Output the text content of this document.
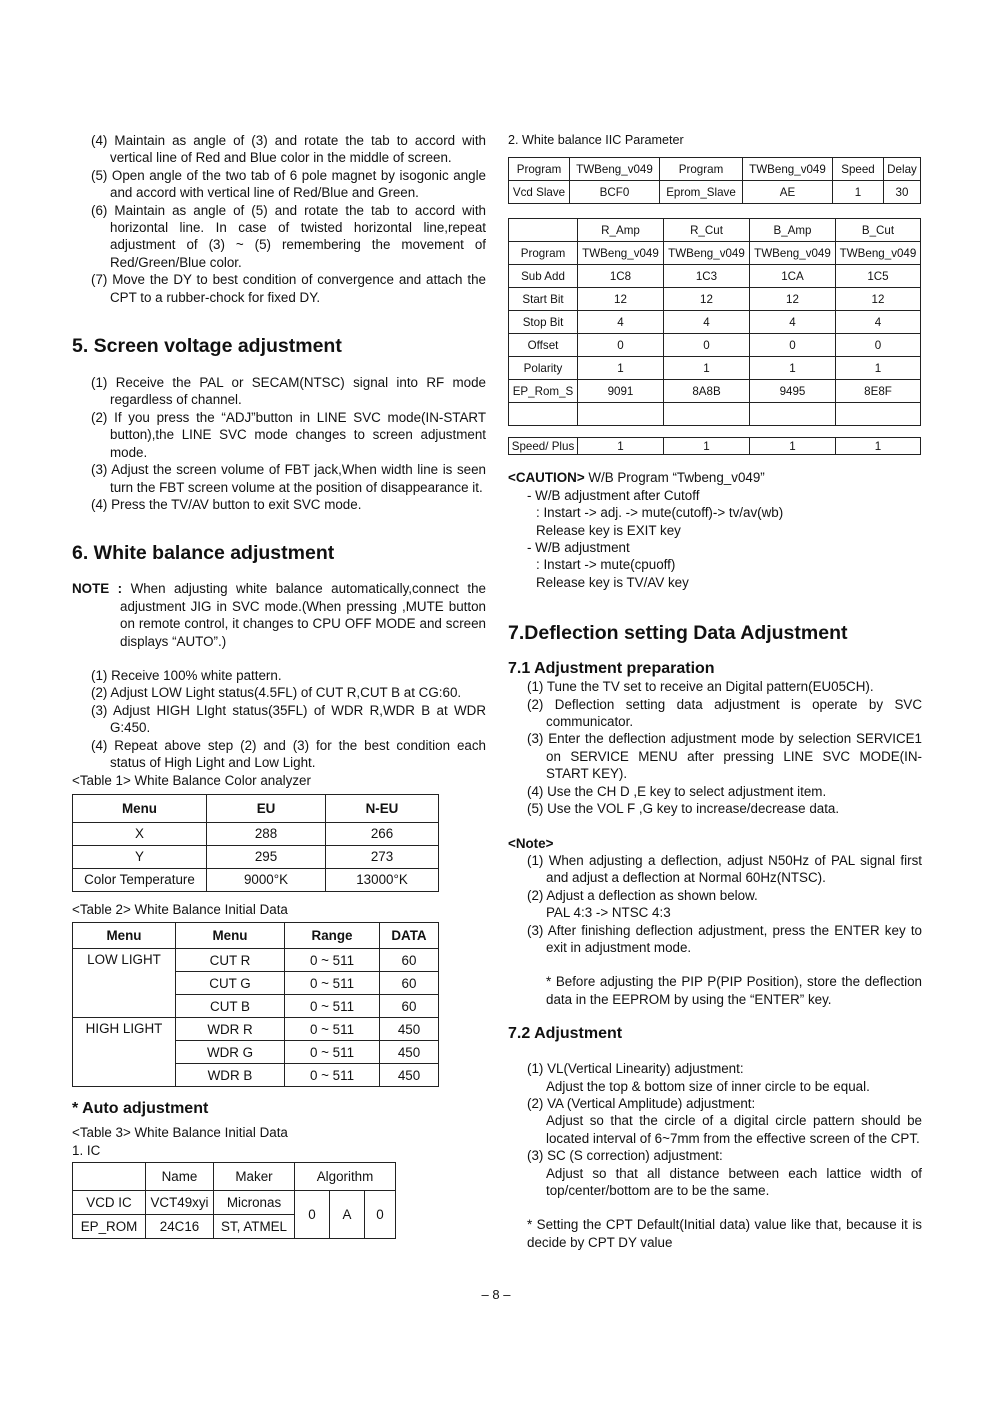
(4) Maintain as angle of (3) and rotate the tab to accord with vertical line of Red and Blue color in the middle of screen.

(5) Open angle of the two tab of 6 pole magnet by isogonic angle and accord with vertical line of Red/Blue and Green.

(6) Maintain as angle of (5) and rotate the tab to accord with horizontal line. In case of twisted horizontal line,repeat adjustment of (3) ~ (5) remembering the movement of Red/Green/Blue color.

(7) Move the DY to best condition of convergence and attach the CPT to a rubber-chock for fixed DY.

5. Screen voltage adjustment

(1) Receive the PAL or SECAM(NTSC) signal into RF mode regardless of channel.

(2) If you press the “ADJ”button in LINE SVC mode(IN-START button),the LINE SVC mode changes to screen adjustment mode.

(3) Adjust the screen volume of FBT jack,When width line is seen turn the FBT screen volume at the position of disappearance it.

(4) Press the TV/AV button to exit SVC mode.

6. White balance adjustment

NOTE : When adjusting white balance automatically,connect the adjustment JIG in SVC mode.(When pressing ,MUTE button on remote control, it changes to CPU OFF MODE and screen displays “AUTO”.)

(1) Receive 100% white pattern.

(2) Adjust LOW Light status(4.5FL) of CUT R,CUT B at CG:60.

(3) Adjust HIGH LIght status(35FL) of WDR R,WDR B at WDR G:450.

(4) Repeat above step (2) and (3) for the best condition each status of High Light and Low Light.

<Table 1> White Balance Color analyzer

Menu	EU	N-EU
X	288	266
Y	295	273
Color Temperature	9000°K	13000°K

<Table 2> White Balance Initial Data

Menu	Menu	Range	DATA
LOW LIGHT	CUT R	0 ~ 511	60
	CUT G	0 ~ 511	60
	CUT B	0 ~ 511	60
HIGH LIGHT	WDR R	0 ~ 511	450
	WDR G	0 ~ 511	450
	WDR B	0 ~ 511	450
* Auto adjustment

<Table 3> White Balance Initial Data

1. IC

	Name	Maker	Algorithm		
VCD IC	VCT49xyi	Micronas	0	A	0
EP_ROM	24C16	ST, ATMEL			

2. White balance IIC Parameter

Program	TWBeng_v049	Program	TWBeng_v049	Speed	Delay
Vcd Slave	BCF0	Eprom_Slave	AE	1	30
	R_Amp	R_Cut	B_Amp	B_Cut
Program	TWBeng_v049	TWBeng_v049	TWBeng_v049	TWBeng_v049
Sub Add	1C8	1C3	1CA	1C5
Start Bit	12	12	12	12
Stop Bit	4	4	4	4
Offset	0	0	0	0
Polarity	1	1	1	1
EP_Rom_S	9091	8A8B	9495	8E8F

Speed/ Plus	1	1	1	1

<CAUTION> W/B Program “Twbeng_v049”

- W/B adjustment after Cutoff

: Instart -> adj. -> mute(cutoff)-> tv/av(wb)

Release key is EXIT key

- W/B adjustment

: Instart -> mute(cpuoff)

Release key is TV/AV key

7.Deflection setting Data Adjustment
7.1 Adjustment preparation

(1) Tune the TV set to receive an Digital pattern(EU05CH).

(2) Deflection setting data adjustment is operate by SVC communicator.

(3) Enter the deflection adjustment mode by selection SERVICE1 on SERVICE MENU after pressing LINE SVC MODE(IN-START KEY).

(4) Use the CH D ,E key to select adjustment item.

(5) Use the VOL F ,G key to increase/decrease data.

<Note>

(1) When adjusting a deflection, adjust N50Hz of PAL signal first and adjust a deflection at Normal 60Hz(NTSC).

(2) Adjust a deflection as shown below.

PAL 4:3 -> NTSC 4:3

(3) After finishing deflection adjustment, press the ENTER key to exit in adjustment mode.

* Before adjusting the PIP P(PIP Position), store the deflection data in the EEPROM by using the “ENTER” key.

7.2 Adjustment

(1) VL(Vertical Linearity) adjustment:

Adjust the top & bottom size of inner circle to be equal.

(2) VA (Vertical Amplitude) adjustment:

Adjust so that the circle of a digital circle pattern should be located interval of 6~7mm from the effective screen of the CPT.

(3) SC (S correction) adjustment:

Adjust so that all distance between each lattice width of top/center/bottom are to be the same.

* Setting the CPT Default(Initial data) value like that, because it is decide by CPT DY value

– 8 –
